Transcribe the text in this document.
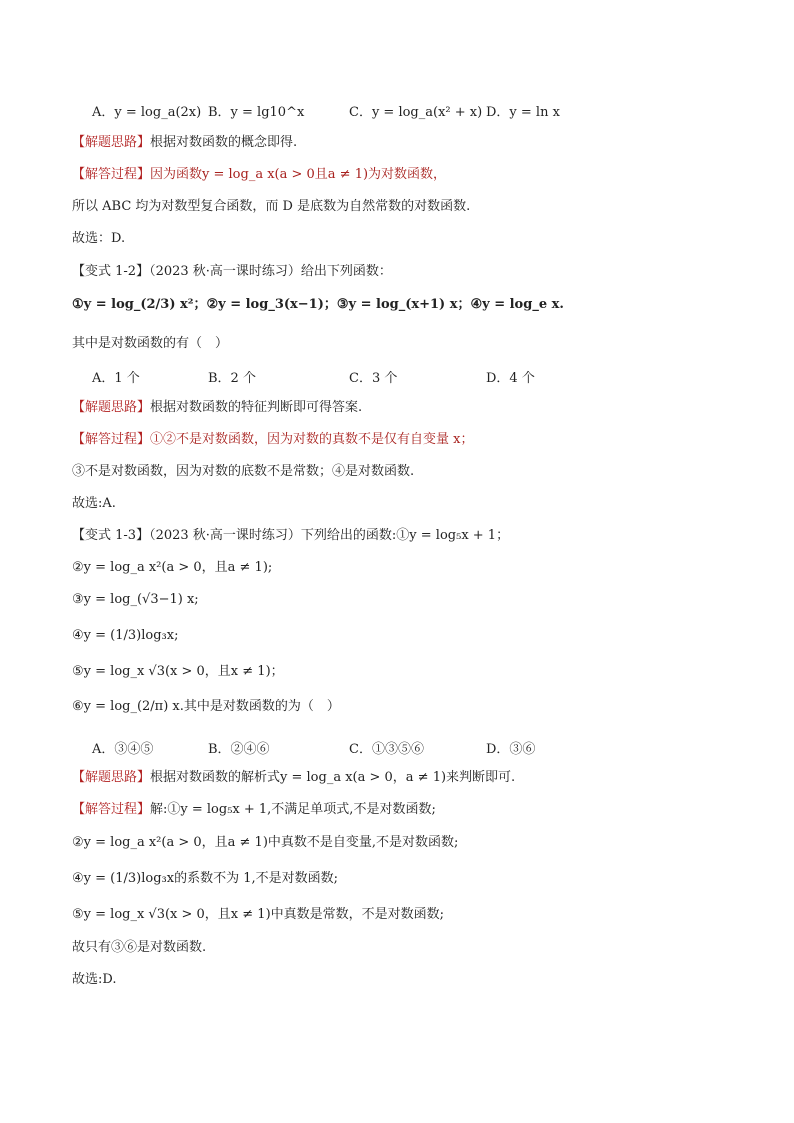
A．y = log_a(2x) B．y = lg10^x	C．y = log_a(x² + x) D．y = ln x
【解题思路】根据对数函数的概念即得.
【解答过程】因为函数y = log_a x(a > 0且a ≠ 1)为对数函数，
所以 ABC 均为对数型复合函数，而 D 是底数为自然常数的对数函数.
故选：D.
【变式 1-2】（2023 秋·高一课时练习）给出下列函数：
①y = log_(2/3) x²；②y = log_3(x−1)；③y = log_(x+1) x；④y = log_e x.
其中是对数函数的有（　）
A．1 个	B．2 个	C．3 个	D．4 个
【解题思路】根据对数函数的特征判断即可得答案.
【解答过程】①②不是对数函数，因为对数的真数不是仅有自变量 x；
③不是对数函数，因为对数的底数不是常数；④是对数函数.
故选:A.
【变式 1-3】（2023 秋·高一课时练习）下列给出的函数:①y = log₅x + 1；
②y = log_a x²(a > 0，且a ≠ 1);
③y = log_(√3−1) x;
④y = (1/3)log₃x;
⑤y = log_x √3(x > 0，且x ≠ 1)；
⑥y = log_(2/π) x.其中是对数函数的为（　）
A．③④⑤	B．②④⑥	C．①③⑤⑥	D．③⑥
【解题思路】根据对数函数的解析式y = log_a x(a > 0，a ≠ 1)来判断即可.
【解答过程】解:①y = log₅x + 1,不满足单项式,不是对数函数;
②y = log_a x²(a > 0，且a ≠ 1)中真数不是自变量,不是对数函数;
④y = (1/3)log₃x的系数不为 1,不是对数函数;
⑤y = log_x √3(x > 0，且x ≠ 1)中真数是常数，不是对数函数;
故只有③⑥是对数函数.
故选:D.
